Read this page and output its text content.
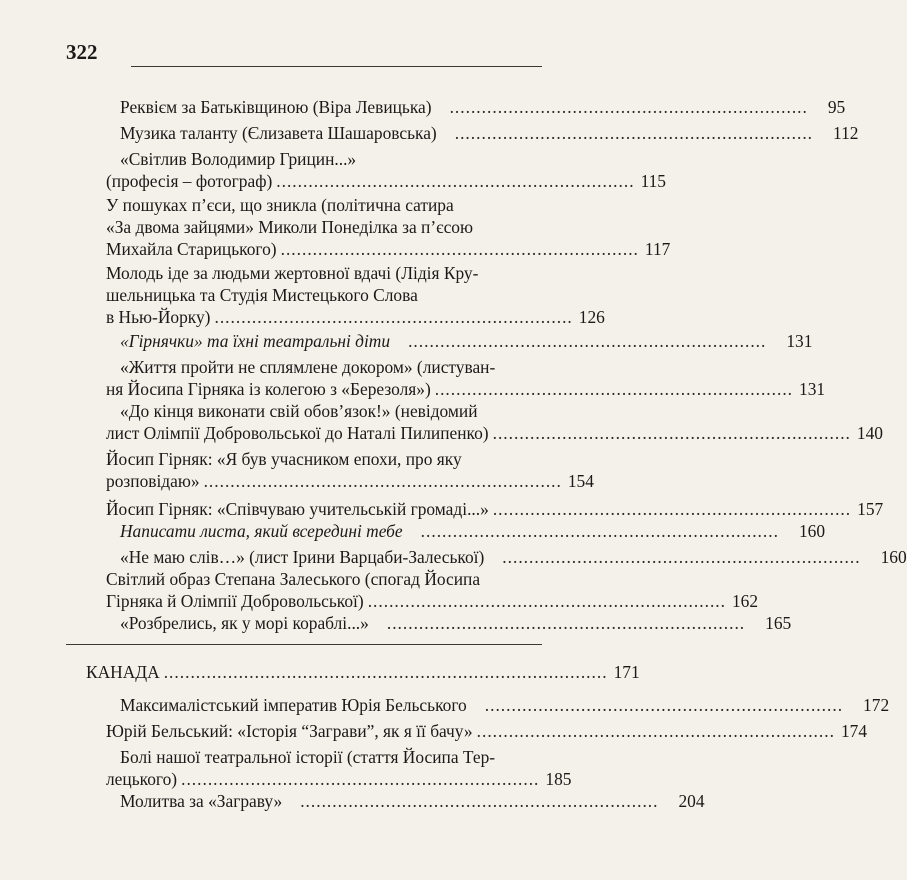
322
Реквієм за Батьківщиною (Віра Левицька)	...................................................................	95
Музика таланту (Єлизавета Шашаровська)	...................................................................	112
«Світлив Володимир Грицин...»
(професія – фотограф) ................................................................... 115
У пошуках п’єси, що зникла (політична сатира
«За двома зайцями» Миколи Понеділка за п’єсою
Михайла Старицького) ................................................................... 117
Молодь іде за людьми жертовної вдачі (Лідія Кру-
шельницька та Студія Мистецького Слова
в Нью-Йорку) ................................................................... 126
«Гірнячки» та їхні театральні діти	...................................................................	131
«Життя пройти не сплямлене докором» (листуван-
ня Йосипа Гірняка із колегою з «Березоля») ................................................................... 131
«До кінця виконати свій обов’язок!» (невідомий
лист Олімпії Добровольської до Наталі Пилипенко) ................................................................... 140
Йосип Гірняк: «Я був учасником епохи, про яку
розповідаю» ................................................................... 154
Йосип Гірняк: «Співчуваю учительській громаді...» ................................................................... 157
Написати листа, який всередині тебе	...................................................................	160
«Не маю слів…» (лист Ірини Варцаби-Залеської)	...................................................................	160
Світлий образ Степана Залеського (спогад Йосипа
Гірняка й Олімпії Добровольської) ................................................................... 162
«Розбрелись, як у морі кораблі...»	...................................................................	165
КАНАДА ................................................................................... 171
Максималістський імператив Юрія Бельського	...................................................................	172
Юрій Бельський: «Історія “Заграви”, як я її бачу» ................................................................... 174
Болі нашої театральної історії (стаття Йосипа Тер-
лецького) ................................................................... 185
Молитва за «Заграву»	...................................................................	204
